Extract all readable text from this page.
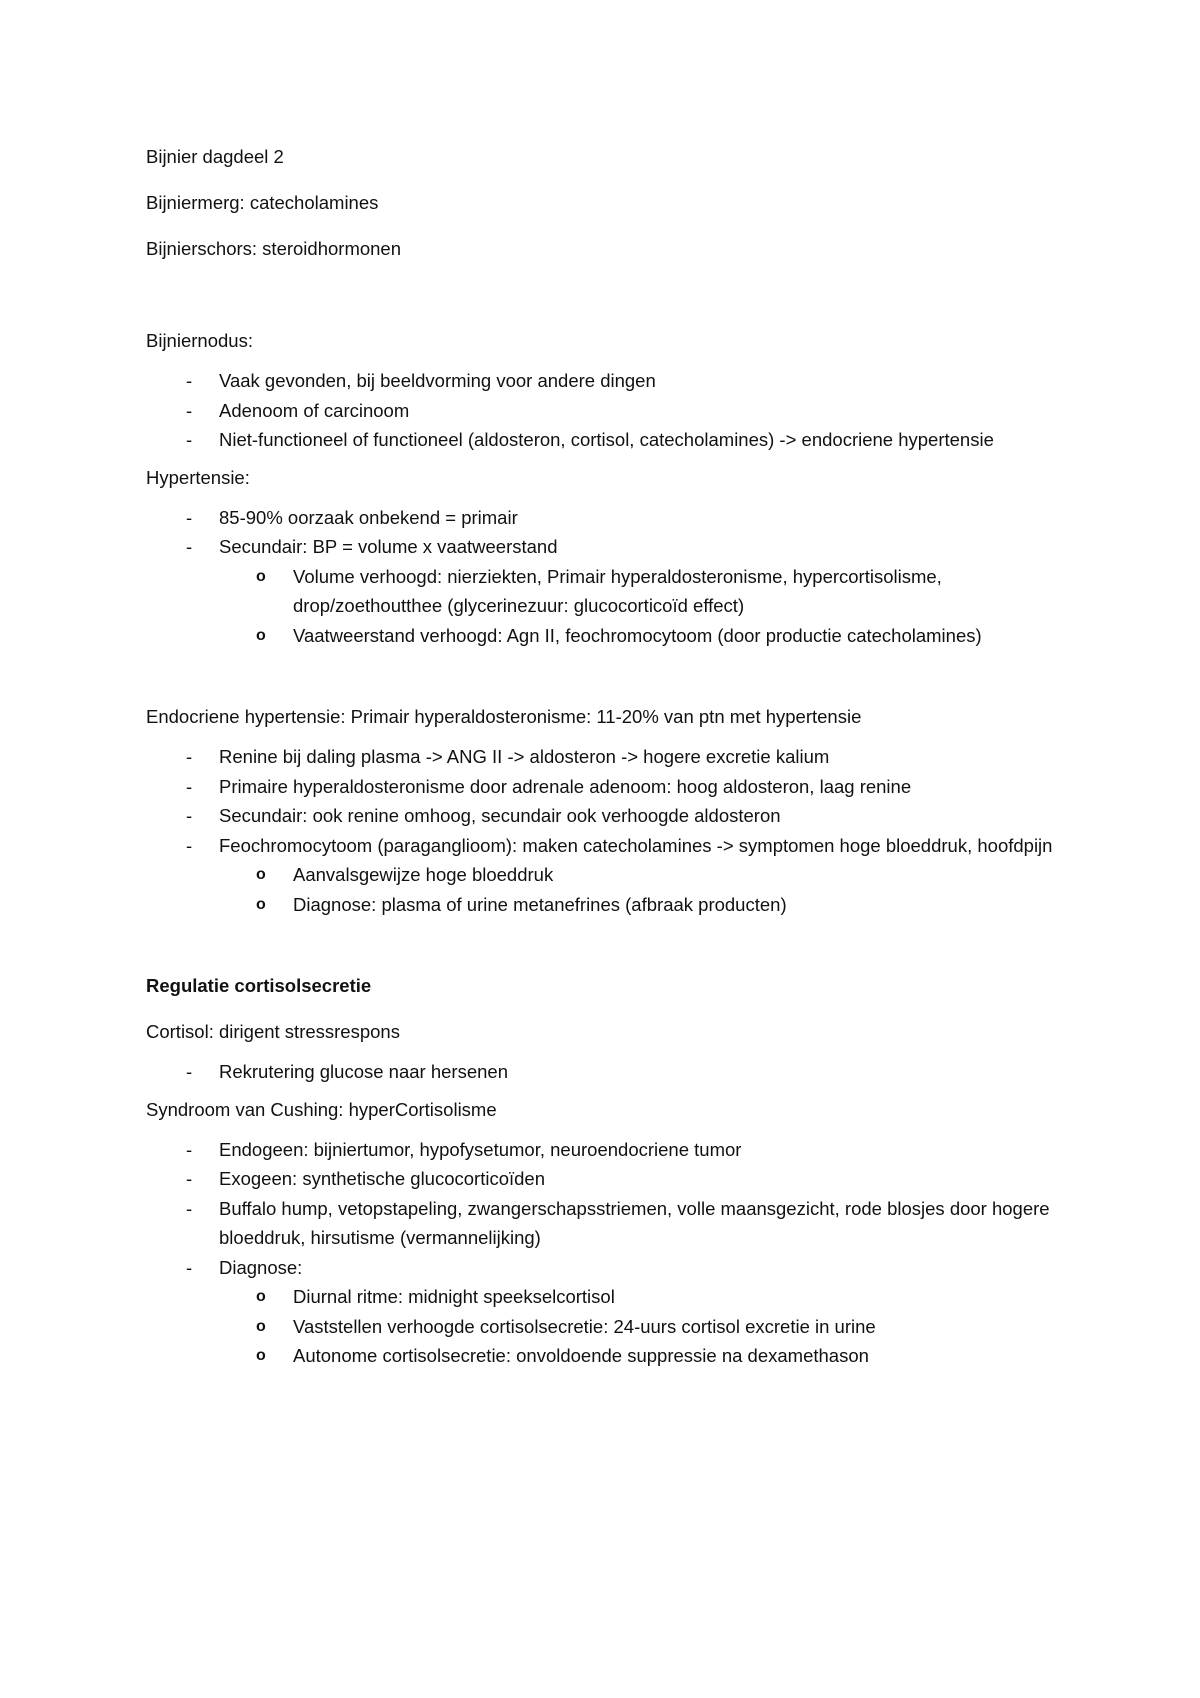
Bijnier dagdeel 2

Bijniermerg: catecholamines

Bijnierschors: steroidhormonen

Bijniernodus:

- Vaak gevonden, bij beeldvorming voor andere dingen
- Adenoom of carcinoom
- Niet-functioneel of functioneel (aldosteron, cortisol, catecholamines) -> endocriene hypertensie

Hypertensie:

- 85-90% oorzaak onbekend = primair
- Secundair: BP = volume x vaatweerstand
o Volume verhoogd: nierziekten, Primair hyperaldosteronisme, hypercortisolisme, drop/zoethoutthee (glycerinezuur: glucocorticoïd effect)
o Vaatweerstand verhoogd: Agn II, feochromocytoom (door productie catecholamines)

Endocriene hypertensie: Primair hyperaldosteronisme: 11-20% van ptn met hypertensie

- Renine bij daling plasma -> ANG II -> aldosteron -> hogere excretie kalium
- Primaire hyperaldosteronisme door adrenale adenoom: hoog aldosteron, laag renine
- Secundair: ook renine omhoog, secundair ook verhoogde aldosteron
- Feochromocytoom (paraganglioom): maken catecholamines -> symptomen hoge bloeddruk, hoofdpijn
o Aanvalsgewijze hoge bloeddruk
o Diagnose: plasma of urine metanefrines (afbraak producten)

Regulatie cortisolsecretie

Cortisol: dirigent stressrespons

- Rekrutering glucose naar hersenen

Syndroom van Cushing: hyperCortisolisme

- Endogeen: bijniertumor, hypofysetumor, neuroendocriene tumor
- Exogeen: synthetische glucocorticoïden
- Buffalo hump, vetopstapeling, zwangerschapsstriemen, volle maansgezicht, rode blosjes door hogere bloeddruk, hirsutisme (vermannelijking)
- Diagnose:
o Diurnal ritme: midnight speekselcortisol
o Vaststellen verhoogde cortisolsecretie: 24-uurs cortisol excretie in urine
o Autonome cortisolsecretie: onvoldoende suppressie na dexamethason
